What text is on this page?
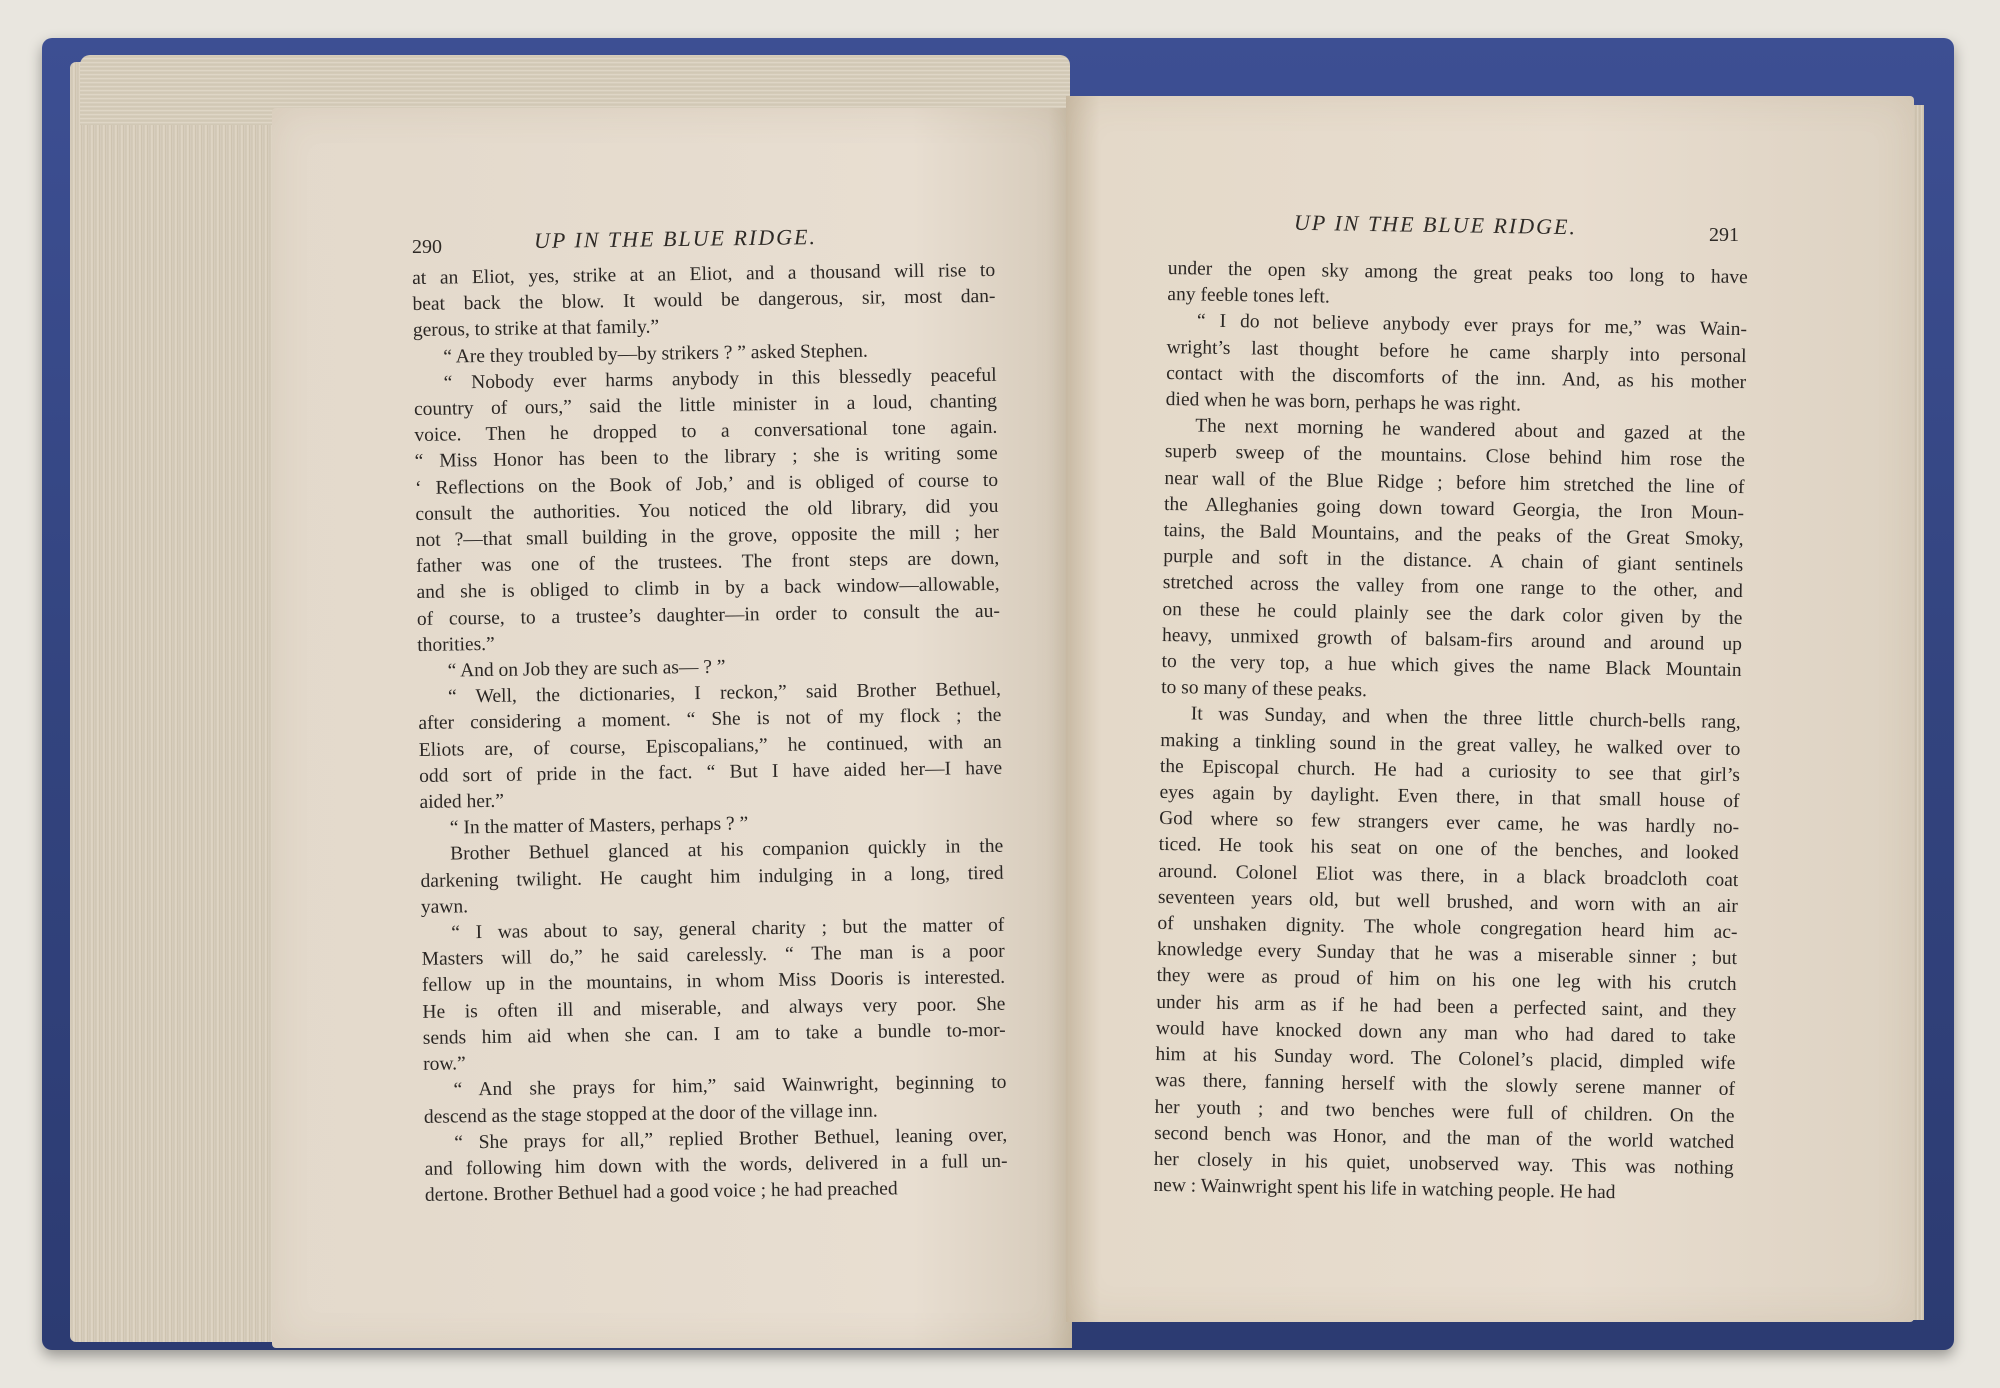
290	UP IN THE BLUE RIDGE.
at an Eliot, yes, strike at an Eliot, and a thousand will rise to
beat back the blow. It would be dangerous, sir, most dan-
gerous, to strike at that family.”
“ Are they troubled by—by strikers ? ” asked Stephen.
“ Nobody ever harms anybody in this blessedly peaceful
country of ours,” said the little minister in a loud, chanting
voice. Then he dropped to a conversational tone again.
“ Miss Honor has been to the library ; she is writing some
‘ Reflections on the Book of Job,’ and is obliged of course to
consult the authorities. You noticed the old library, did you
not ?—that small building in the grove, opposite the mill ; her
father was one of the trustees. The front steps are down,
and she is obliged to climb in by a back window—allowable,
of course, to a trustee’s daughter—in order to consult the au-
thorities.”
“ And on Job they are such as— ? ”
“ Well, the dictionaries, I reckon,” said Brother Bethuel,
after considering a moment. “ She is not of my flock ; the
Eliots are, of course, Episcopalians,” he continued, with an
odd sort of pride in the fact. “ But I have aided her—I have
aided her.”
“ In the matter of Masters, perhaps ? ”
Brother Bethuel glanced at his companion quickly in the
darkening twilight. He caught him indulging in a long, tired
yawn.
“ I was about to say, general charity ; but the matter of
Masters will do,” he said carelessly. “ The man is a poor
fellow up in the mountains, in whom Miss Dooris is interested.
He is often ill and miserable, and always very poor. She
sends him aid when she can. I am to take a bundle to-mor-
row.”
“ And she prays for him,” said Wainwright, beginning to
descend as the stage stopped at the door of the village inn.
“ She prays for all,” replied Brother Bethuel, leaning over,
and following him down with the words, delivered in a full un-
dertone. Brother Bethuel had a good voice ; he had preached
UP IN THE BLUE RIDGE.	291
under the open sky among the great peaks too long to have
any feeble tones left.
“ I do not believe anybody ever prays for me,” was Wain-
wright’s last thought before he came sharply into personal
contact with the discomforts of the inn. And, as his mother
died when he was born, perhaps he was right.
The next morning he wandered about and gazed at the
superb sweep of the mountains. Close behind him rose the
near wall of the Blue Ridge ; before him stretched the line of
the Alleghanies going down toward Georgia, the Iron Moun-
tains, the Bald Mountains, and the peaks of the Great Smoky,
purple and soft in the distance. A chain of giant sentinels
stretched across the valley from one range to the other, and
on these he could plainly see the dark color given by the
heavy, unmixed growth of balsam-firs around and around up
to the very top, a hue which gives the name Black Mountain
to so many of these peaks.
It was Sunday, and when the three little church-bells rang,
making a tinkling sound in the great valley, he walked over to
the Episcopal church. He had a curiosity to see that girl’s
eyes again by daylight. Even there, in that small house of
God where so few strangers ever came, he was hardly no-
ticed. He took his seat on one of the benches, and looked
around. Colonel Eliot was there, in a black broadcloth coat
seventeen years old, but well brushed, and worn with an air
of unshaken dignity. The whole congregation heard him ac-
knowledge every Sunday that he was a miserable sinner ; but
they were as proud of him on his one leg with his crutch
under his arm as if he had been a perfected saint, and they
would have knocked down any man who had dared to take
him at his Sunday word. The Colonel’s placid, dimpled wife
was there, fanning herself with the slowly serene manner of
her youth ; and two benches were full of children. On the
second bench was Honor, and the man of the world watched
her closely in his quiet, unobserved way. This was nothing
new : Wainwright spent his life in watching people. He had
